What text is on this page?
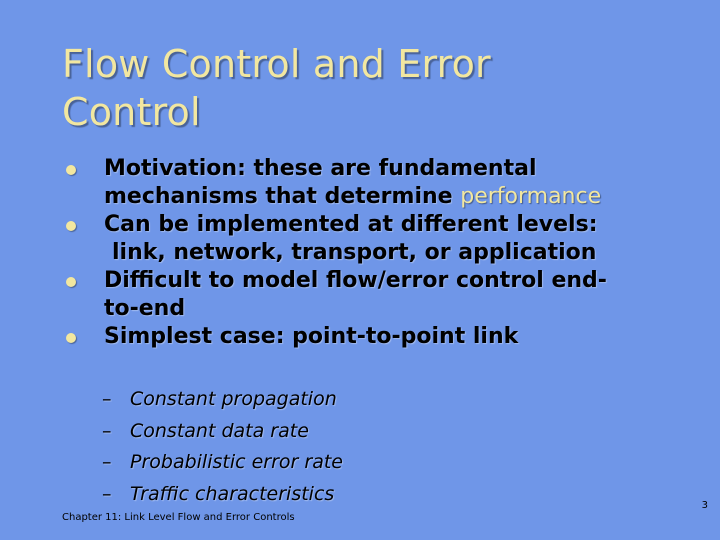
Flow Control and Error
Control
Motivation: these are fundamental
mechanisms that determine performance
Can be implemented at different levels:
link, network, transport, or application
Difficult to model flow/error control end-
to-end
Simplest case: point-to-point link
– Constant propagation
– Constant data rate
– Probabilistic error rate
– Traffic characteristics
Chapter 11: Link Level Flow and Error Controls
3
